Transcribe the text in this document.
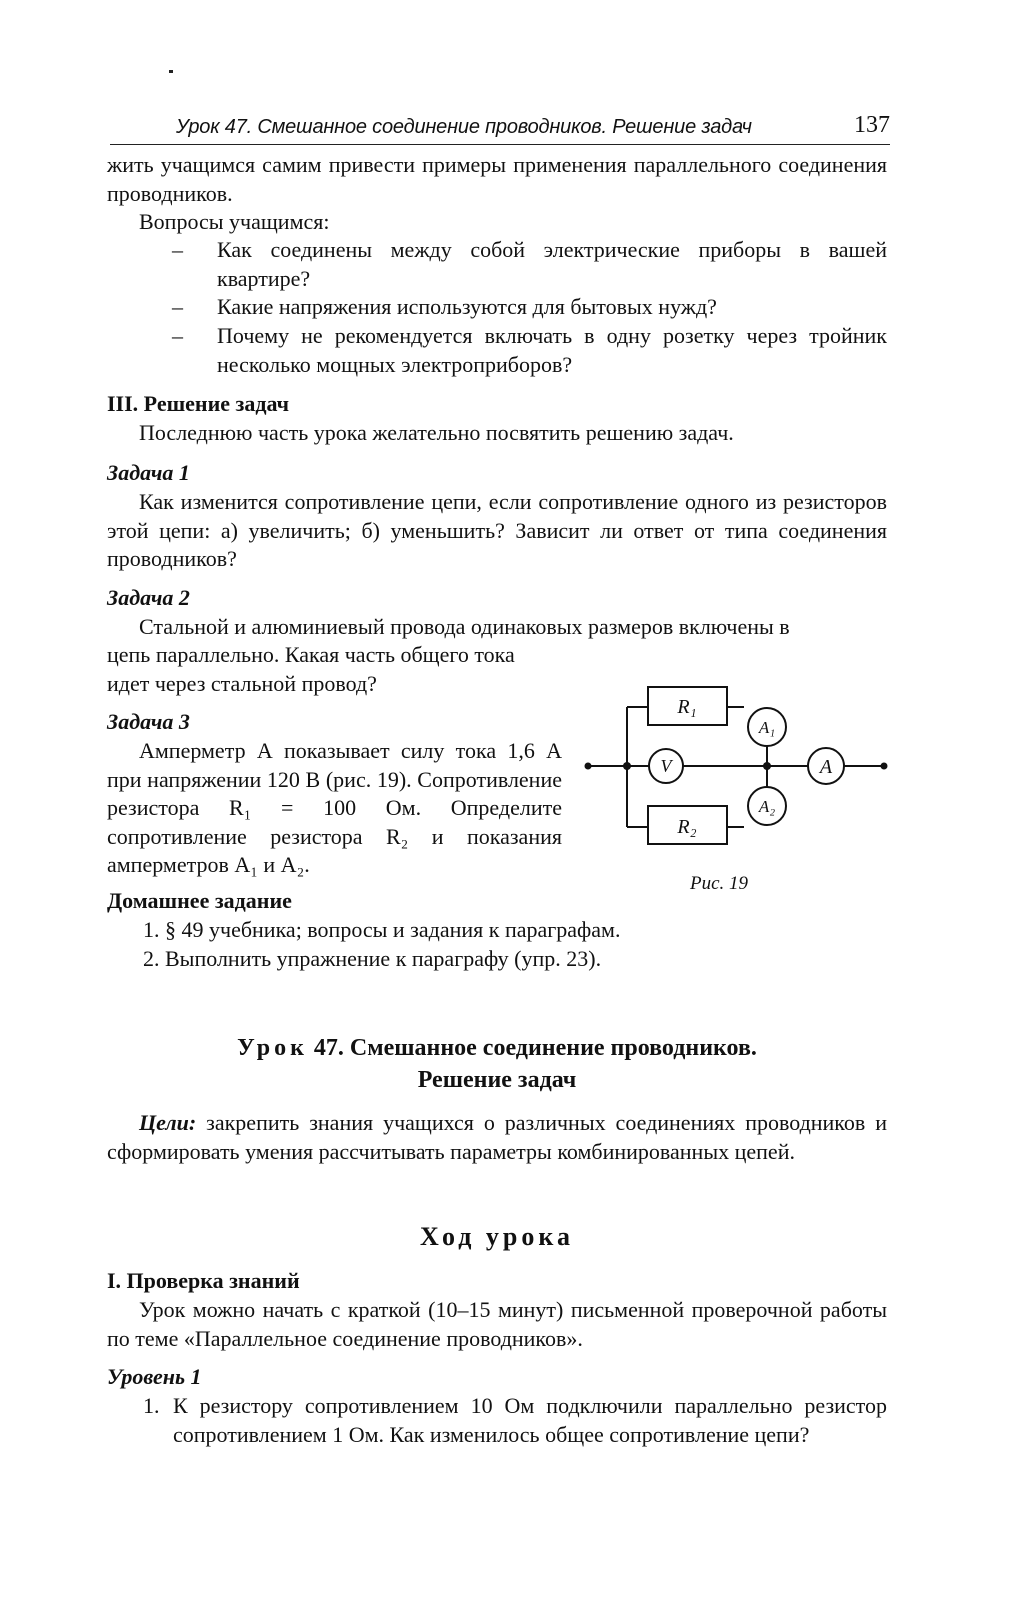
Урок 47. Смешанное соединение проводников. Решение задач	137
жить учащимся самим привести примеры применения параллельного соединения проводников.
Вопросы учащимся:
– Как соединены между собой электрические приборы в вашей квартире?
– Какие напряжения используются для бытовых нужд?
– Почему не рекомендуется включать в одну розетку через тройник несколько мощных электроприборов?
III. Решение задач
Последнюю часть урока желательно посвятить решению задач.
Задача 1
Как изменится сопротивление цепи, если сопротивление одного из резисторов этой цепи: а) увеличить; б) уменьшить? Зависит ли ответ от типа соединения проводников?
Задача 2
Стальной и алюминиевый провода одинаковых размеров включены в
цепь параллельно. Какая часть общего тока
идет через стальной провод?
Задача 3
Амперметр А показывает силу тока 1,6 А при напряжении 120 В (рис. 19). Сопротивление резистора R₁ = 100 Ом. Определите сопротивление резистора R₂ и показания амперметров A₁ и A₂.
R₁
R₂
A₁
A₂
V	A
Рис. 19
Домашнее задание
1. § 49 учебника; вопросы и задания к параграфам.
2. Выполнить упражнение к параграфу (упр. 23).
Урок 47. Смешанное соединение проводников.
Решение задач
Цели: закрепить знания учащихся о различных соединениях проводников и сформировать умения рассчитывать параметры комбинированных цепей.
Ход урока
I. Проверка знаний
Урок можно начать с краткой (10–15 минут) письменной проверочной работы по теме «Параллельное соединение проводников».
Уровень 1
1. К резистору сопротивлением 10 Ом подключили параллельно резистор сопротивлением 1 Ом. Как изменилось общее сопротивление цепи?
